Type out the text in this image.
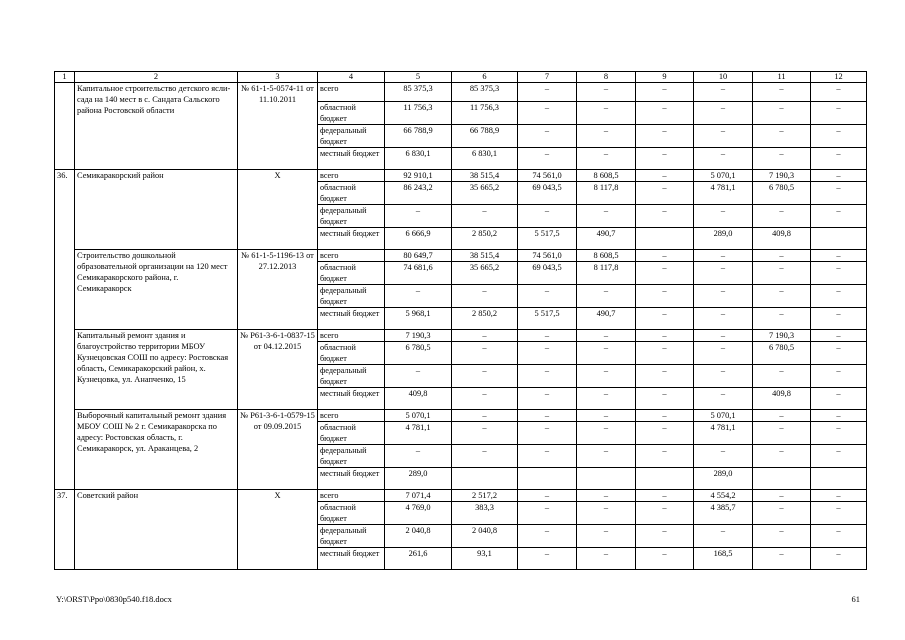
1	2	3	4	5	6	7	8	9	10	11	12
	Капитальное строительство детского ясли-сада на 140 мест в с. Сандата Сальского района Ростовской области	№ 61-1-5-0574-11 от 11.10.2011	всего	85 375,3	85 375,3	–	–	–	–	–	–
			областной бюджет	11 756,3	11 756,3	–	–	–	–	–	–
			федеральный бюджет	66 788,9	66 788,9	–	–	–	–	–	–
			местный бюджет	6 830,1	6 830,1	–	–	–	–	–	–
36.	Семикаракорский район	Х	всего	92 910,1	38 515,4	74 561,0	8 608,5	–	5 070,1	7 190,3	–
			областной бюджет	86 243,2	35 665,2	69 043,5	8 117,8	–	4 781,1	6 780,5	–
			федеральный бюджет	–	–	–	–	–	–	–	–
			местный бюджет	6 666,9	2 850,2	5 517,5	490,7		289,0	409,8	
	Строительство дошкольной образовательной организации на 120 мест Семикаракорского района, г. Семикаракорск	№ 61-1-5-1196-13 от 27.12.2013	всего	80 649,7	38 515,4	74 561,0	8 608,5	–	–	–	–
			областной бюджет	74 681,6	35 665,2	69 043,5	8 117,8	–	–	–	–
			федеральный бюджет	–	–	–	–	–	–	–	–
			местный бюджет	5 968,1	2 850,2	5 517,5	490,7	–	–	–	–
	Капитальный ремонт здания и благоустройство территории МБОУ Кузнецовская СОШ по адресу: Ростовская область, Семикаракорский район, х. Кузнецовка, ул. Анапченко, 15	№ Р61-3-6-1-0837-15 от 04.12.2015	всего	7 190,3	–	–	–	–	–	7 190,3	–
			областной бюджет	6 780,5	–	–	–	–	–	6 780,5	–
			федеральный бюджет	–	–	–	–	–	–	–	–
			местный бюджет	409,8	–	–	–	–	–	409,8	–
	Выборочный капитальный ремонт здания МБОУ СОШ № 2 г. Семикаракорска по адресу: Ростовская область, г. Семикаракорск, ул. Араканцева, 2	№ Р61-3-6-1-0579-15 от 09.09.2015	всего	5 070,1	–	–	–	–	5 070,1	–	–
			областной бюджет	4 781,1	–	–	–	–	4 781,1	–	–
			федеральный бюджет	–	–	–	–	–	–	–	–
			местный бюджет	289,0					289,0		
37.	Советский район	Х	всего	7 071,4	2 517,2	–	–	–	4 554,2	–	–
			областной бюджет	4 769,0	383,3	–	–	–	4 385,7	–	–
			федеральный бюджет	2 040,8	2 040,8	–	–	–	–	–	–
			местный бюджет	261,6	93,1	–	–	–	168,5	–	–
Y:\ORST\Ppo\0830p540.f18.docx	61
